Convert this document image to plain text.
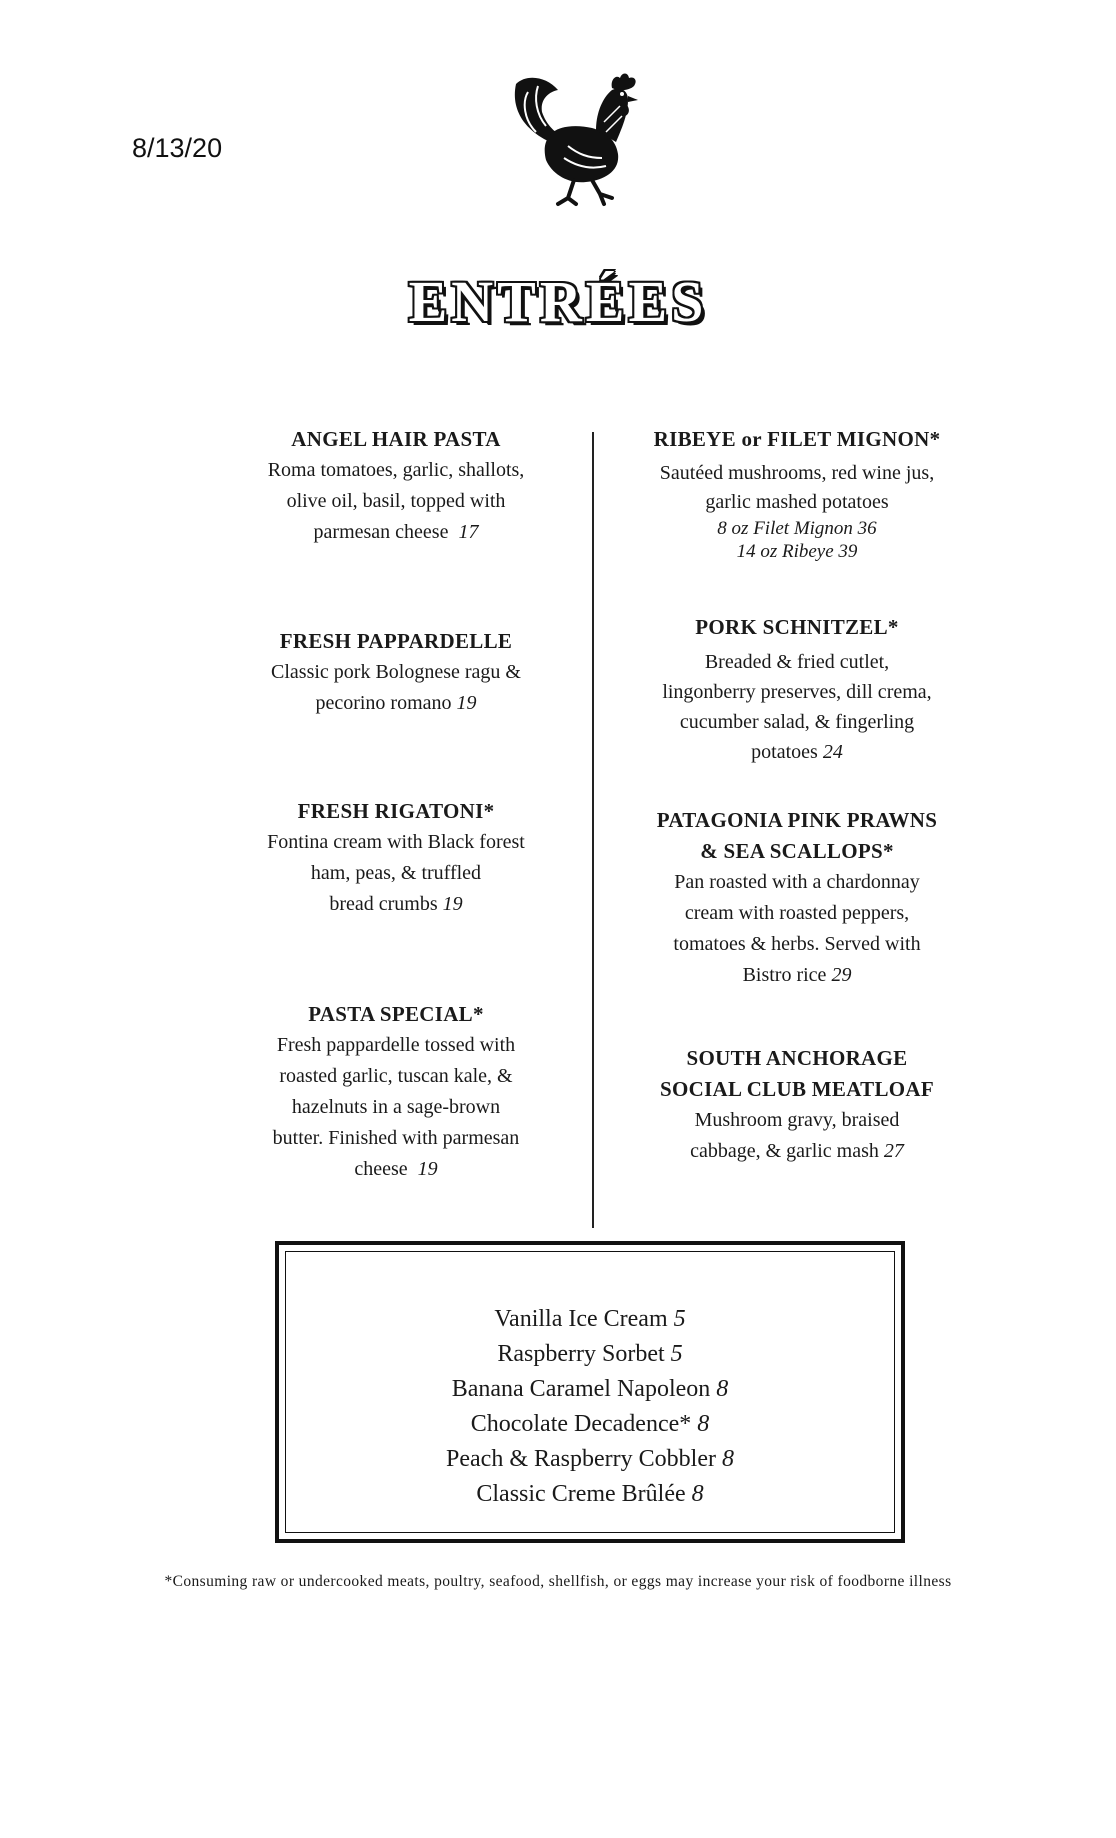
8/13/20
ENTRÉES
ANGEL HAIR PASTA
Roma tomatoes, garlic, shallots,
olive oil, basil, topped with
parmesan cheese 17
FRESH PAPPARDELLE
Classic pork Bolognese ragu &
pecorino romano 19
FRESH RIGATONI*
Fontina cream with Black forest
ham, peas, & truffled
bread crumbs 19
PASTA SPECIAL*
Fresh pappardelle tossed with
roasted garlic, tuscan kale, &
hazelnuts in a sage-brown
butter. Finished with parmesan
cheese 19
RIBEYE or FILET MIGNON*
Sautéed mushrooms, red wine jus,
garlic mashed potatoes
8 oz Filet Mignon 36
14 oz Ribeye 39
PORK SCHNITZEL*
Breaded & fried cutlet,
lingonberry preserves, dill crema,
cucumber salad, & fingerling
potatoes 24
PATAGONIA PINK PRAWNS
& SEA SCALLOPS*
Pan roasted with a chardonnay
cream with roasted peppers,
tomatoes & herbs. Served with
Bistro rice 29
SOUTH ANCHORAGE
SOCIAL CLUB MEATLOAF
Mushroom gravy, braised
cabbage, & garlic mash 27
Vanilla Ice Cream 5
Raspberry Sorbet 5
Banana Caramel Napoleon 8
Chocolate Decadence* 8
Peach & Raspberry Cobbler 8
Classic Creme Brûlée 8
*Consuming raw or undercooked meats, poultry, seafood, shellfish, or eggs may increase your risk of foodborne illness
